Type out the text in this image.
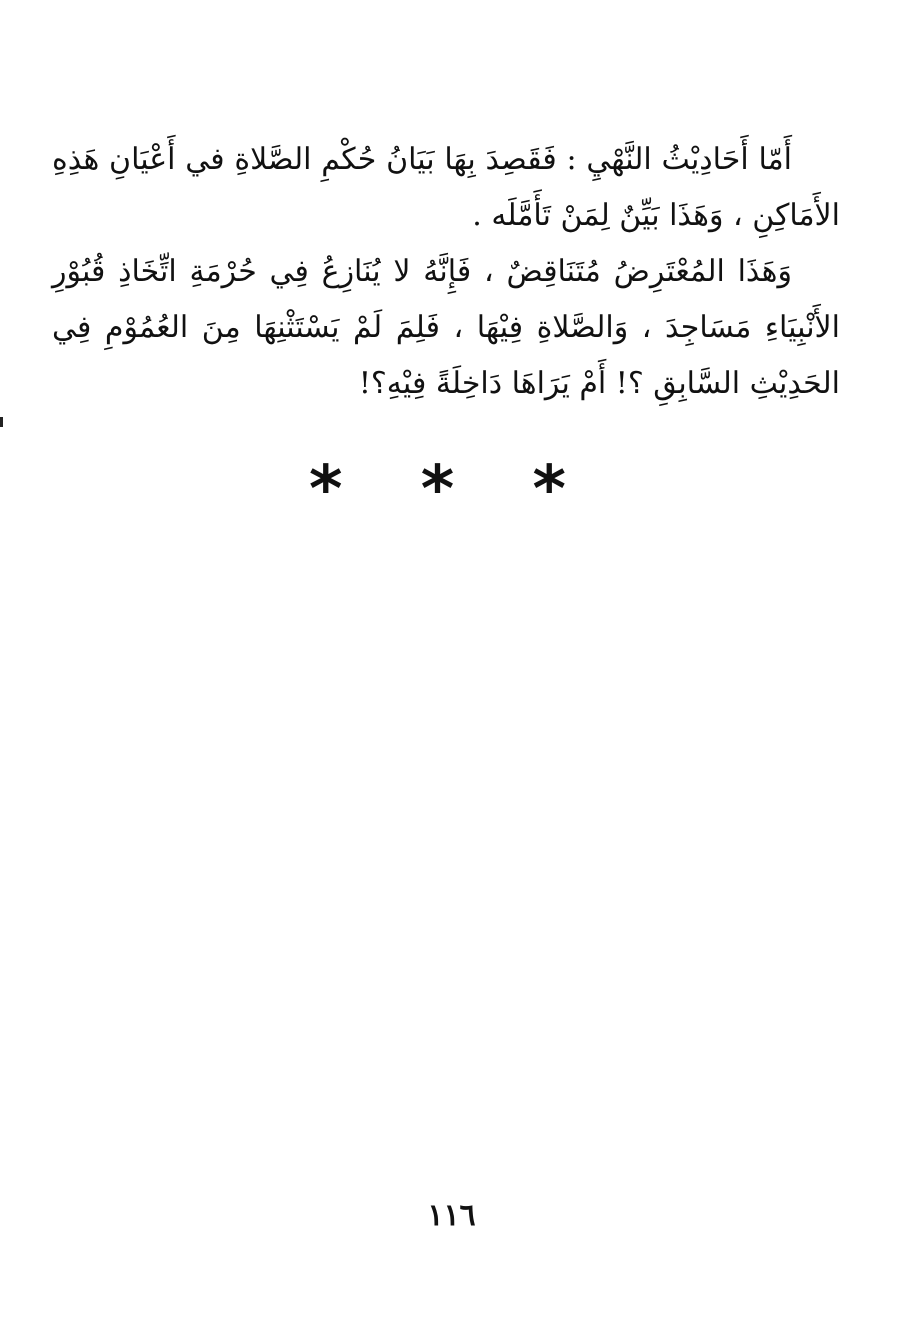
أَمّا أَحَادِيْثُ النَّهْيِ : فَقَصِدَ بِهَا بَيَانُ حُكْمِ الصَّلاةِ في أَعْيَانِ هَذِهِ الأَمَاكِنِ ، وَهَذَا بَيِّنٌ لِمَنْ تَأَمَّلَه .

وَهَذَا المُعْتَرِضُ مُتَنَاقِضٌ ، فَإِنَّهُ لا يُنَازِعُ فِي حُرْمَةِ اتِّخَاذِ قُبُوْرِ الأَنْبِيَاءِ مَسَاجِدَ ، وَالصَّلاةِ فِيْهَا ، فَلِمَ لَمْ يَسْتَثْنِهَا مِنَ العُمُوْمِ فِي الحَدِيْثِ السَّابِقِ ؟! أَمْ يَرَاهَا دَاخِلَةً فِيْهِ؟!

* * *
١١٦
